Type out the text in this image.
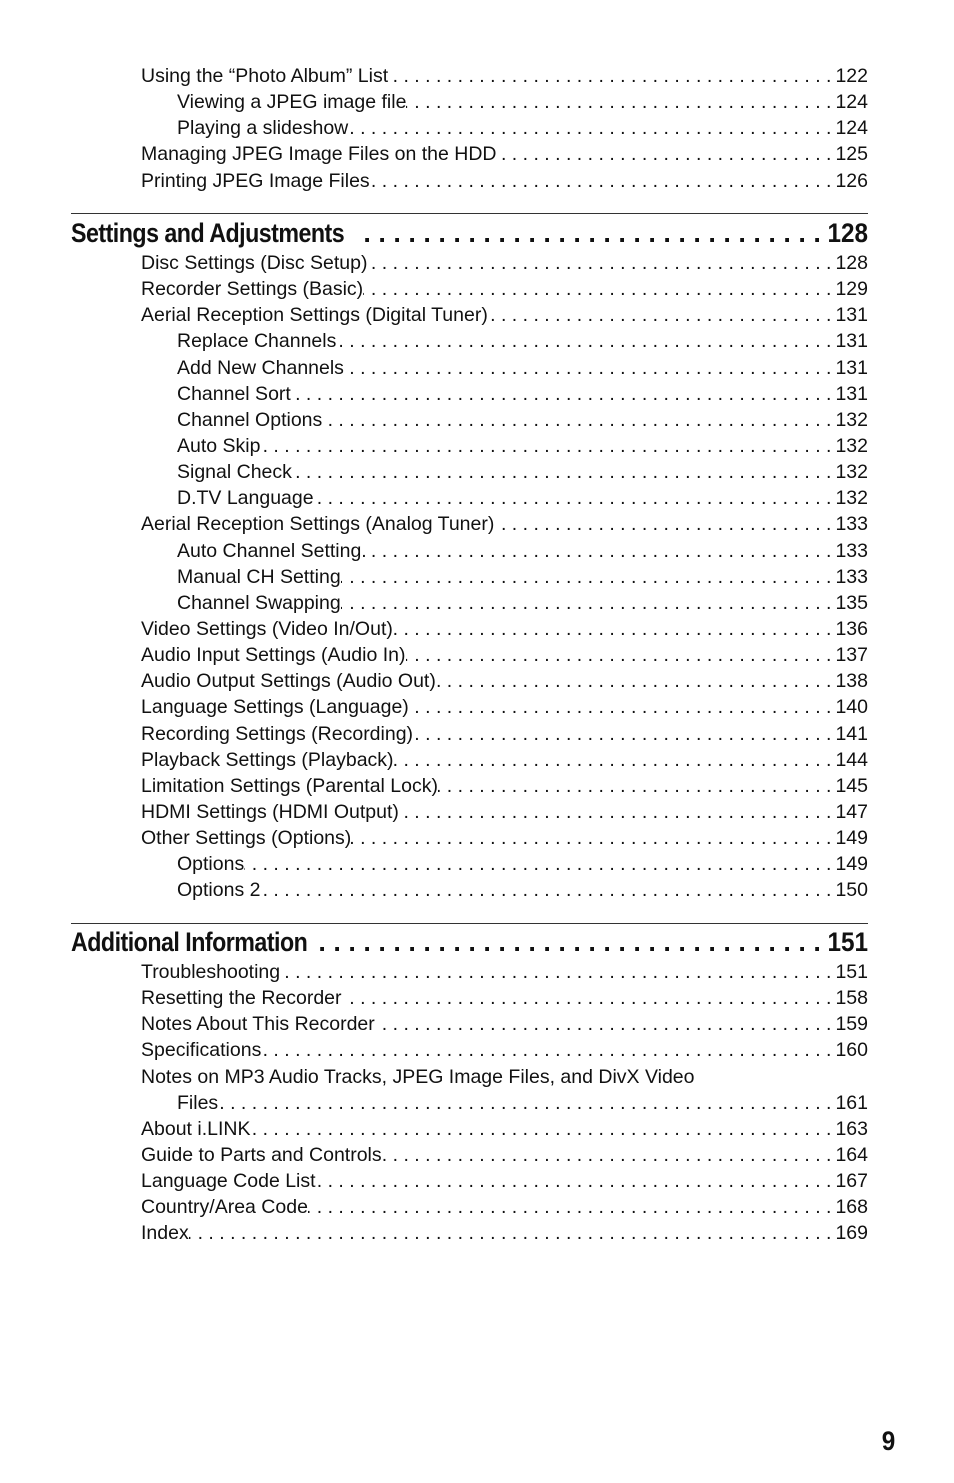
Using the “Photo Album” List . . .	122
Viewing a JPEG image file . . .	124
Playing a slideshow . . .	124
Managing JPEG Image Files on the HDD . . .	125
Printing JPEG Image Files . . .	126
Settings and Adjustments . . .	128
Disc Settings (Disc Setup) . . .	128
Recorder Settings (Basic) . . .	129
Aerial Reception Settings (Digital Tuner) . . .	131
Replace Channels . . .	131
Add New Channels . . .	131
Channel Sort . . .	131
Channel Options . . .	132
Auto Skip . . .	132
Signal Check . . .	132
D.TV Language . . .	132
Aerial Reception Settings (Analog Tuner) . . .	133
Auto Channel Setting. . . .	133
Manual CH Setting . . .	133
Channel Swapping . . .	135
Video Settings (Video In/Out) . . .	136
Audio Input Settings (Audio In) . . .	137
Audio Output Settings (Audio Out) . . .	138
Language Settings (Language) . . .	140
Recording Settings (Recording) . . .	141
Playback Settings (Playback) . . .	144
Limitation Settings (Parental Lock) . . .	145
HDMI Settings (HDMI Output) . . .	147
Other Settings (Options) . . .	149
Options . . .	149
Options 2 . . .	150
Additional Information . . .	151
Troubleshooting . . .	151
Resetting the Recorder . . .	158
Notes About This Recorder . . .	159
Specifications . . .	160
Notes on MP3 Audio Tracks, JPEG Image Files, and DivX Video
Files . . .	161
About i.LINK . . .	163
Guide to Parts and Controls . . .	164
Language Code List . . .	167
Country/Area Code . . .	168
Index . . .	169
9
